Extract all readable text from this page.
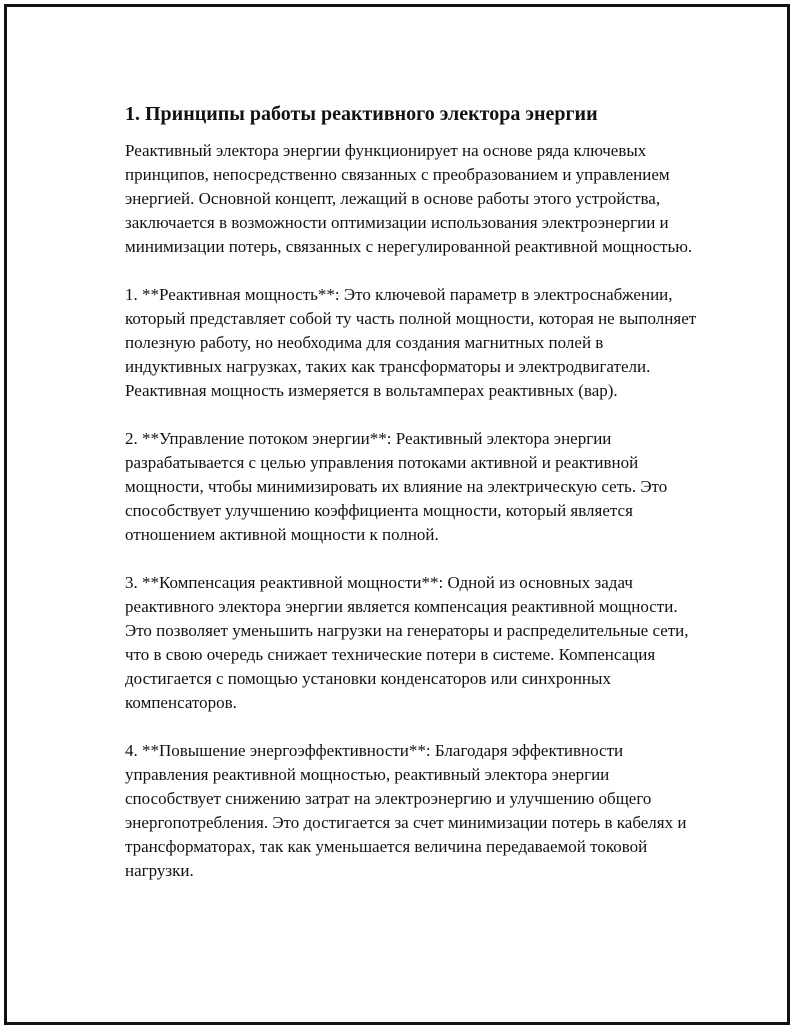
1. Принципы работы реактивного электора энергии

Реактивный электора энергии функционирует на основе ряда ключевых принципов, непосредственно связанных с преобразованием и управлением энергией. Основной концепт, лежащий в основе работы этого устройства, заключается в возможности оптимизации использования электроэнергии и минимизации потерь, связанных с нерегулированной реактивной мощностью.

1. **Реактивная мощность**: Это ключевой параметр в электроснабжении, который представляет собой ту часть полной мощности, которая не выполняет полезную работу, но необходима для создания магнитных полей в индуктивных нагрузках, таких как трансформаторы и электродвигатели. Реактивная мощность измеряется в вольтамперах реактивных (вар).

2. **Управление потоком энергии**: Реактивный электора энергии разрабатывается с целью управления потоками активной и реактивной мощности, чтобы минимизировать их влияние на электрическую сеть. Это способствует улучшению коэффициента мощности, который является отношением активной мощности к полной.

3. **Компенсация реактивной мощности**: Одной из основных задач реактивного электора энергии является компенсация реактивной мощности. Это позволяет уменьшить нагрузки на генераторы и распределительные сети, что в свою очередь снижает технические потери в системе. Компенсация достигается с помощью установки конденсаторов или синхронных компенсаторов.

4. **Повышение энергоэффективности**: Благодаря эффективности управления реактивной мощностью, реактивный электора энергии способствует снижению затрат на электроэнергию и улучшению общего энергопотребления. Это достигается за счет минимизации потерь в кабелях и трансформаторах, так как уменьшается величина передаваемой токовой нагрузки.
